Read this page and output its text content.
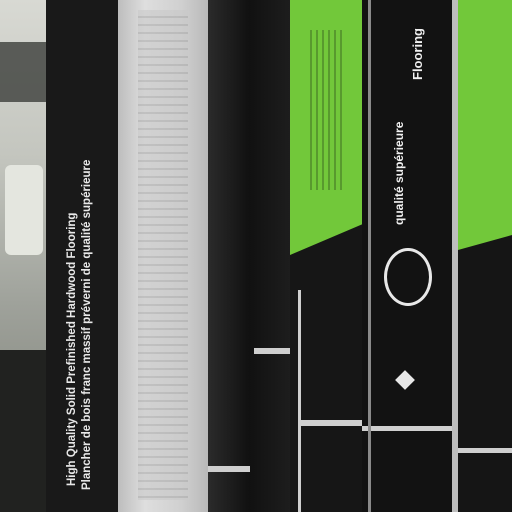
High Quality Solid Prefinished Hardwood Flooring Plancher de bois franc massif préverni de qualité supérieure
Flooring
qualité supérieure
